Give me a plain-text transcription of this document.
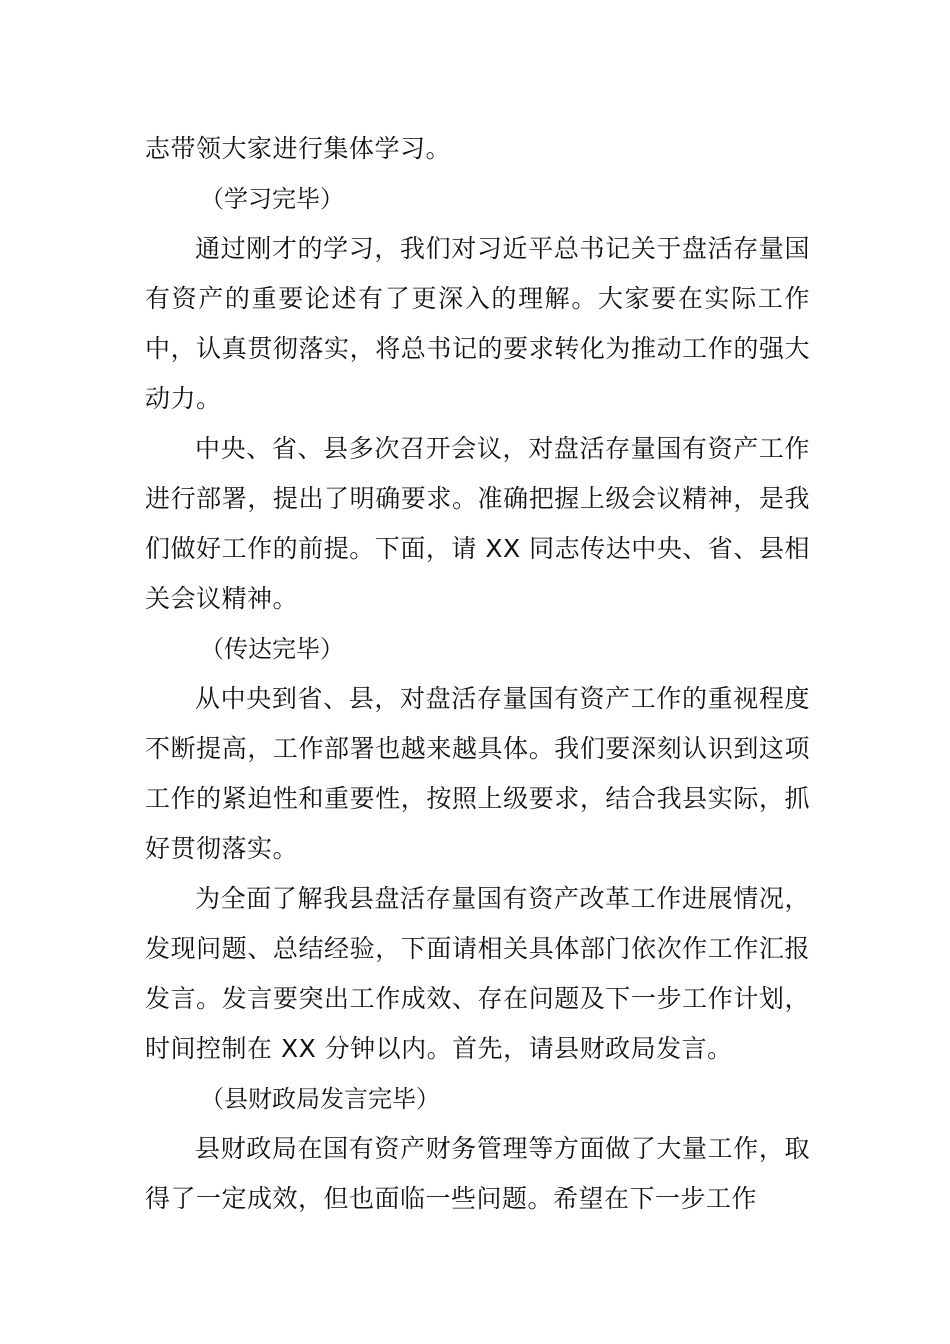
志带领大家进行集体学习。

（学习完毕）

通过刚才的学习，我们对习近平总书记关于盘活存量国有资产的重要论述有了更深入的理解。大家要在实际工作中，认真贯彻落实，将总书记的要求转化为推动工作的强大动力。

中央、省、县多次召开会议，对盘活存量国有资产工作进行部署，提出了明确要求。准确把握上级会议精神，是我们做好工作的前提。下面，请 XX 同志传达中央、省、县相关会议精神。

（传达完毕）

从中央到省、县，对盘活存量国有资产工作的重视程度不断提高，工作部署也越来越具体。我们要深刻认识到这项工作的紧迫性和重要性，按照上级要求，结合我县实际，抓好贯彻落实。

为全面了解我县盘活存量国有资产改革工作进展情况，发现问题、总结经验，下面请相关具体部门依次作工作汇报发言。发言要突出工作成效、存在问题及下一步工作计划，时间控制在 XX 分钟以内。首先，请县财政局发言。

（县财政局发言完毕）

县财政局在国有资产财务管理等方面做了大量工作，取得了一定成效，但也面临一些问题。希望在下一步工作
